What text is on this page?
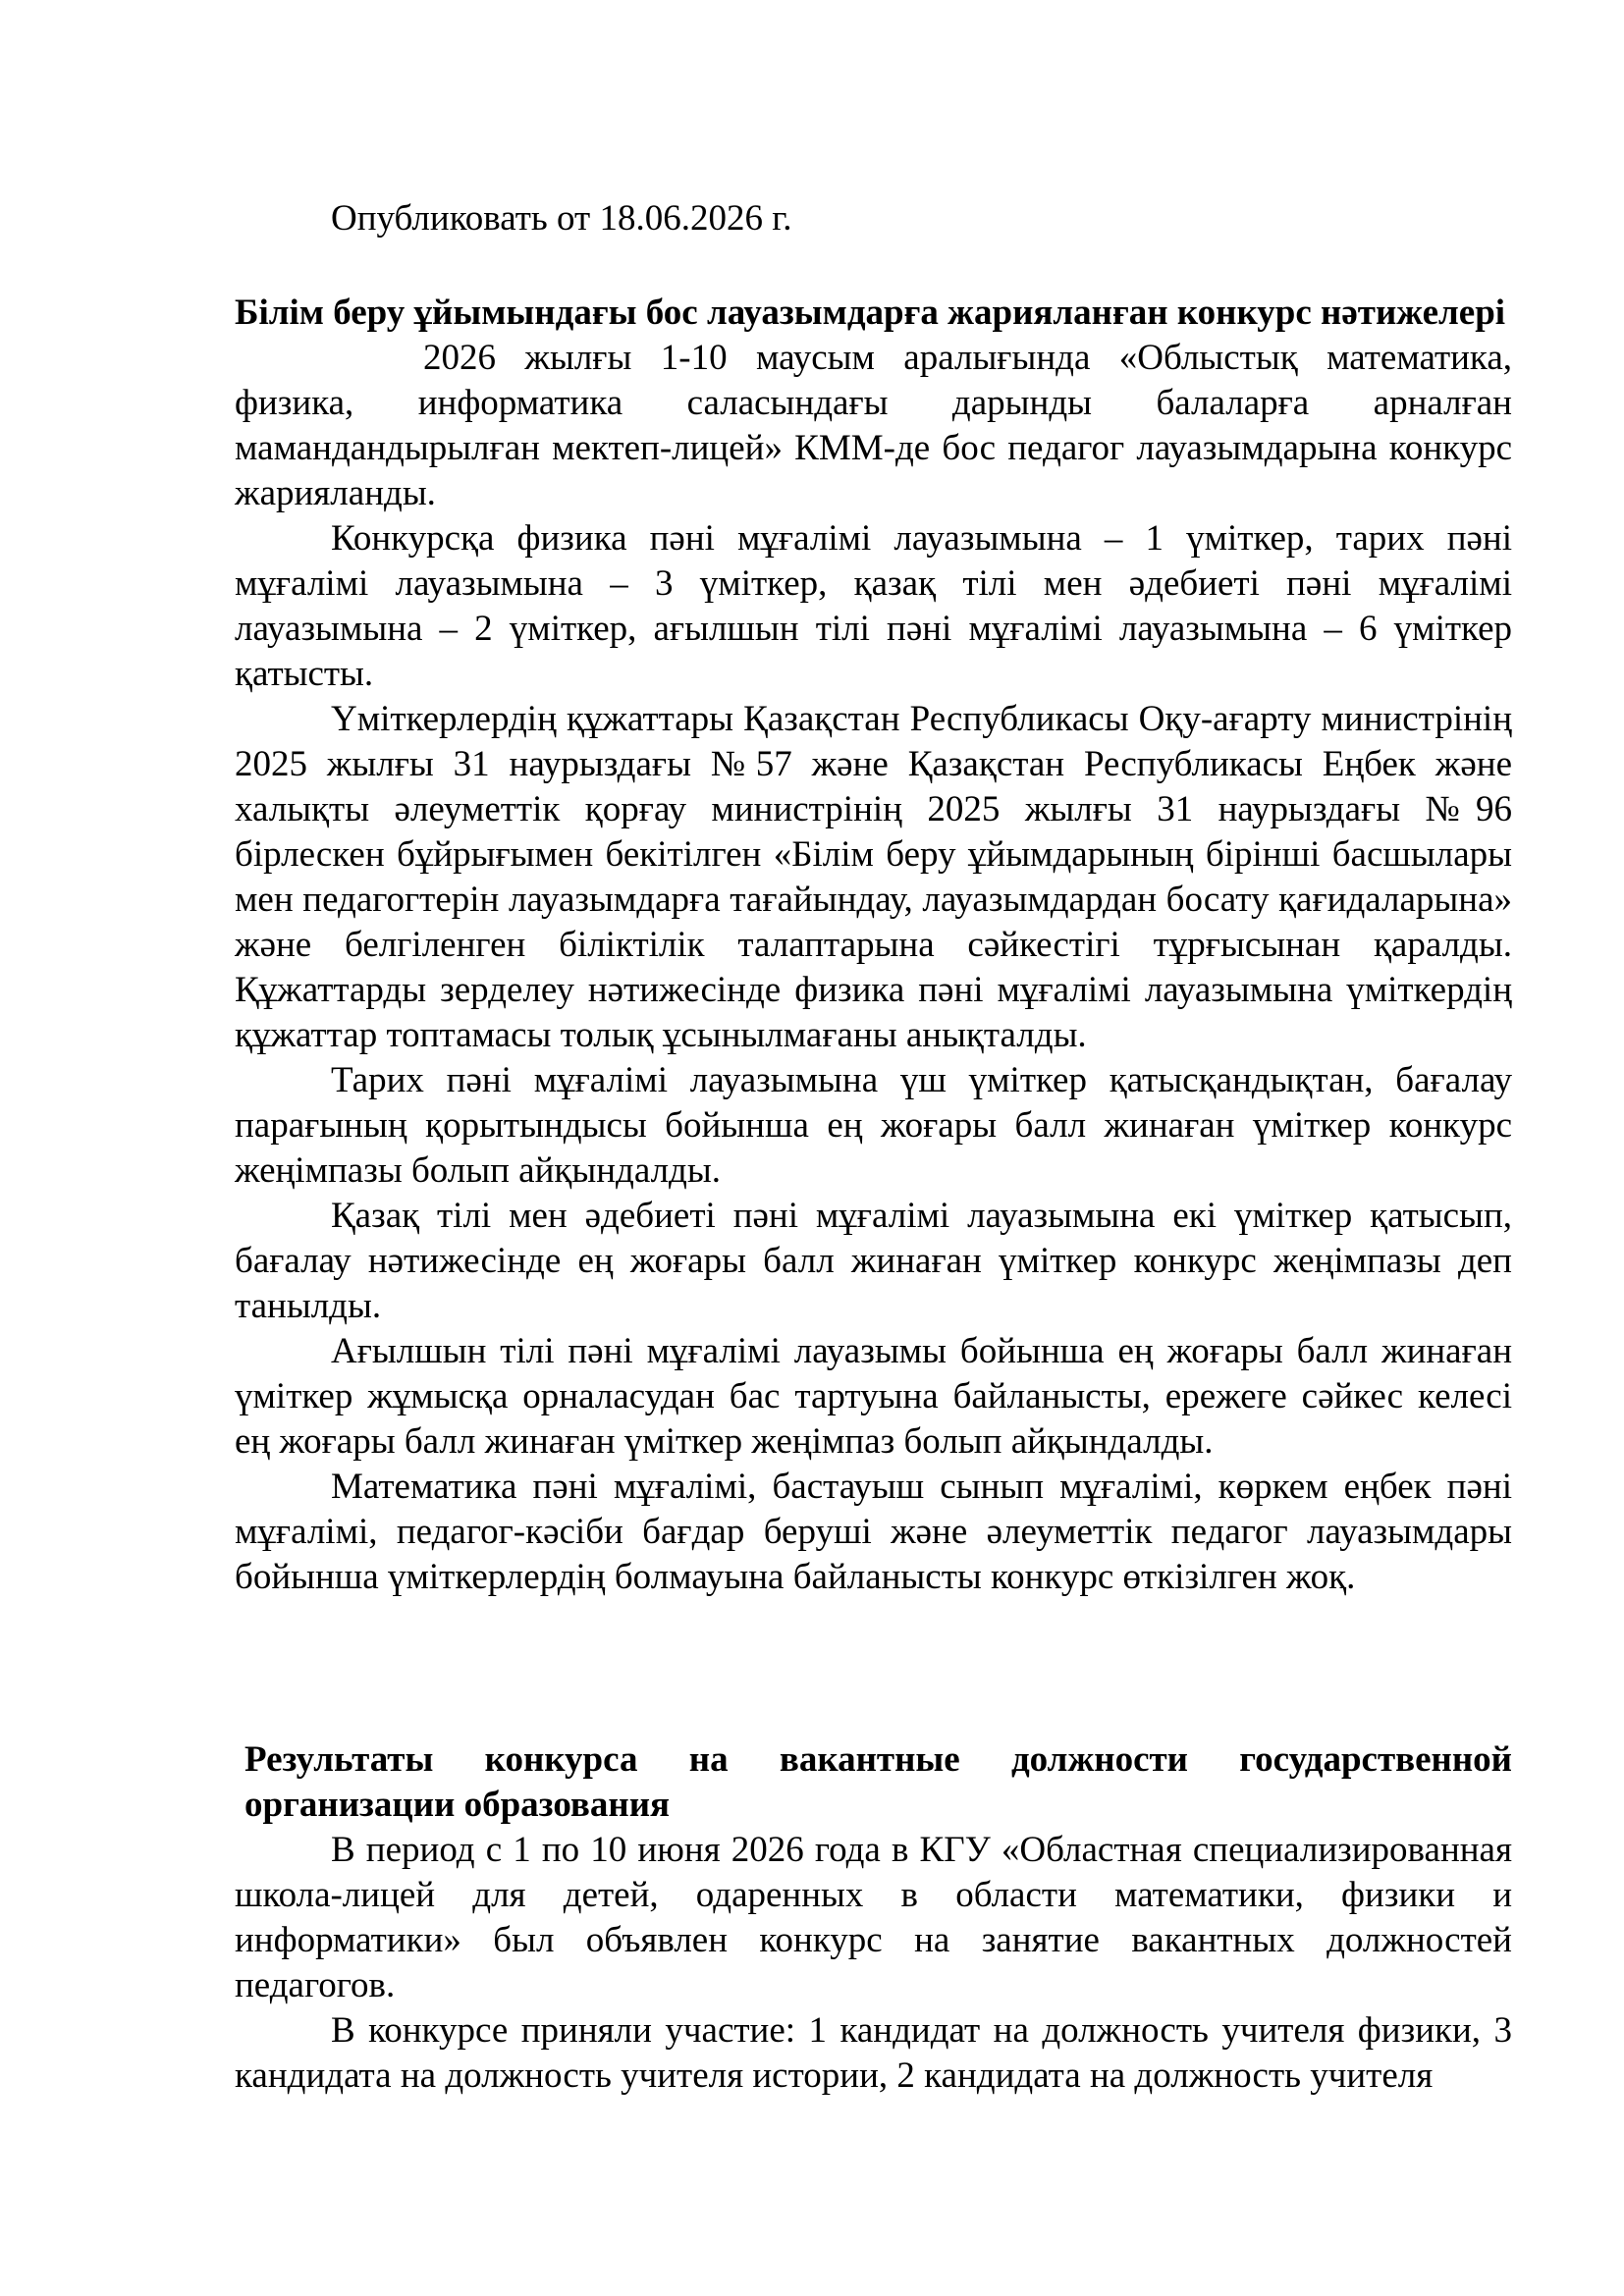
Опубликовать от 18.06.2026 г.

Білім беру ұйымындағы бос лауазымдарға жарияланған конкурс нәтижелері

2026 жылғы 1-10 маусым аралығында «Облыстық математика, физика, информатика саласындағы дарынды балаларға арналған мамандандырылған мектеп-лицей» КММ-де бос педагог лауазымдарына конкурс жарияланды.

Конкурсқа физика пәні мұғалімі лауазымына – 1 үміткер, тарих пәні мұғалімі лауазымына – 3 үміткер, қазақ тілі мен әдебиеті пәні мұғалімі лауазымына – 2 үміткер, ағылшын тілі пәні мұғалімі лауазымына – 6 үміткер қатысты.

Үміткерлердің құжаттары Қазақстан Республикасы Оқу-ағарту министрінің 2025 жылғы 31 наурыздағы №57 және Қазақстан Республикасы Еңбек және халықты әлеуметтік қорғау министрінің 2025 жылғы 31 наурыздағы №96 бірлескен бұйрығымен бекітілген «Білім беру ұйымдарының бірінші басшылары мен педагогтерін лауазымдарға тағайындау, лауазымдардан босату қағидаларына» және белгіленген біліктілік талаптарына сәйкестігі тұрғысынан қаралды. Құжаттарды зерделеу нәтижесінде физика пәні мұғалімі лауазымына үміткердің құжаттар топтамасы толық ұсынылмағаны анықталды.

Тарих пәні мұғалімі лауазымына үш үміткер қатысқандықтан, бағалау парағының қорытындысы бойынша ең жоғары балл жинаған үміткер конкурс жеңімпазы болып айқындалды.

Қазақ тілі мен әдебиеті пәні мұғалімі лауазымына екі үміткер қатысып, бағалау нәтижесінде ең жоғары балл жинаған үміткер конкурс жеңімпазы деп танылды.

Ағылшын тілі пәні мұғалімі лауазымы бойынша ең жоғары балл жинаған үміткер жұмысқа орналасудан бас тартуына байланысты, ережеге сәйкес келесі ең жоғары балл жинаған үміткер жеңімпаз болып айқындалды.

Математика пәні мұғалімі, бастауыш сынып мұғалімі, көркем еңбек пәні мұғалімі, педагог-кәсіби бағдар беруші және әлеуметтік педагог лауазымдары бойынша үміткерлердің болмауына байланысты конкурс өткізілген жоқ.

Результаты конкурса на вакантные должности государственной организации образования

В период с 1 по 10 июня 2026 года в КГУ «Областная специализированная школа-лицей для детей, одаренных в области математики, физики и информатики» был объявлен конкурс на занятие вакантных должностей педагогов.

В конкурсе приняли участие: 1 кандидат на должность учителя физики, 3 кандидата на должность учителя истории, 2 кандидата на должность учителя
